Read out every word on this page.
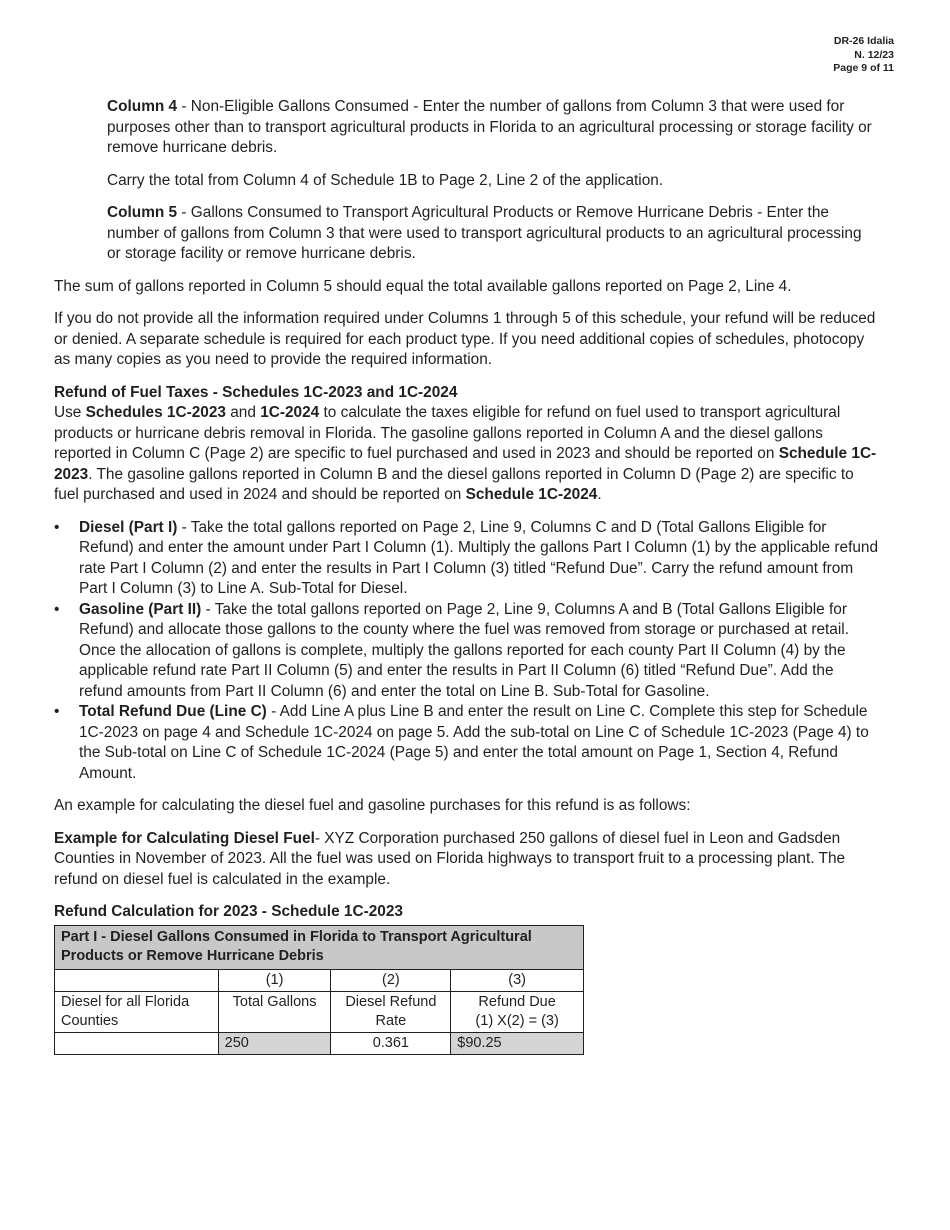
DR-26 Idalia
N. 12/23
Page 9 of 11

Column 4 - Non-Eligible Gallons Consumed - Enter the number of gallons from Column 3 that were used for purposes other than to transport agricultural products in Florida to an agricultural processing or storage facility or remove hurricane debris.

Carry the total from Column 4 of Schedule 1B to Page 2, Line 2 of the application.

Column 5 - Gallons Consumed to Transport Agricultural Products or Remove Hurricane Debris - Enter the number of gallons from Column 3 that were used to transport agricultural products to an agricultural processing or storage facility or remove hurricane debris.

The sum of gallons reported in Column 5 should equal the total available gallons reported on Page 2, Line 4.

If you do not provide all the information required under Columns 1 through 5 of this schedule, your refund will be reduced or denied. A separate schedule is required for each product type. If you need additional copies of schedules, photocopy as many copies as you need to provide the required information.

Refund of Fuel Taxes - Schedules 1C-2023 and 1C-2024

Use Schedules 1C-2023 and 1C-2024 to calculate the taxes eligible for refund on fuel used to transport agricultural products or hurricane debris removal in Florida. The gasoline gallons reported in Column A and the diesel gallons reported in Column C (Page 2) are specific to fuel purchased and used in 2023 and should be reported on Schedule 1C-2023. The gasoline gallons reported in Column B and the diesel gallons reported in Column D (Page 2) are specific to fuel purchased and used in 2024 and should be reported on Schedule 1C-2024.

• Diesel (Part I) - Take the total gallons reported on Page 2, Line 9, Columns C and D (Total Gallons Eligible for Refund) and enter the amount under Part I Column (1). Multiply the gallons Part I Column (1) by the applicable refund rate Part I Column (2) and enter the results in Part I Column (3) titled “Refund Due”. Carry the refund amount from Part I Column (3) to Line A. Sub-Total for Diesel.
• Gasoline (Part II) - Take the total gallons reported on Page 2, Line 9, Columns A and B (Total Gallons Eligible for Refund) and allocate those gallons to the county where the fuel was removed from storage or purchased at retail. Once the allocation of gallons is complete, multiply the gallons reported for each county Part II Column (4) by the applicable refund rate Part II Column (5) and enter the results in Part II Column (6) titled “Refund Due”. Add the refund amounts from Part II Column (6) and enter the total on Line B. Sub-Total for Gasoline.
• Total Refund Due (Line C) - Add Line A plus Line B and enter the result on Line C. Complete this step for Schedule 1C-2023 on page 4 and Schedule 1C-2024 on page 5. Add the sub-total on Line C of Schedule 1C-2023 (Page 4) to the Sub-total on Line C of Schedule 1C-2024 (Page 5) and enter the total amount on Page 1, Section 4, Refund Amount.

An example for calculating the diesel fuel and gasoline purchases for this refund is as follows:

Example for Calculating Diesel Fuel- XYZ Corporation purchased 250 gallons of diesel fuel in Leon and Gadsden Counties in November of 2023. All the fuel was used on Florida highways to transport fruit to a processing plant. The refund on diesel fuel is calculated in the example.

Refund Calculation for 2023 - Schedule 1C-2023
Part I - Diesel Gallons Consumed in Florida to Transport Agricultural Products or Remove Hurricane Debris			
	(1)	(2)	(3)
Diesel for all Florida Counties	Total Gallons	Diesel Refund Rate	Refund Due
(1) X(2) = (3)

	250	0.361	$90.25
